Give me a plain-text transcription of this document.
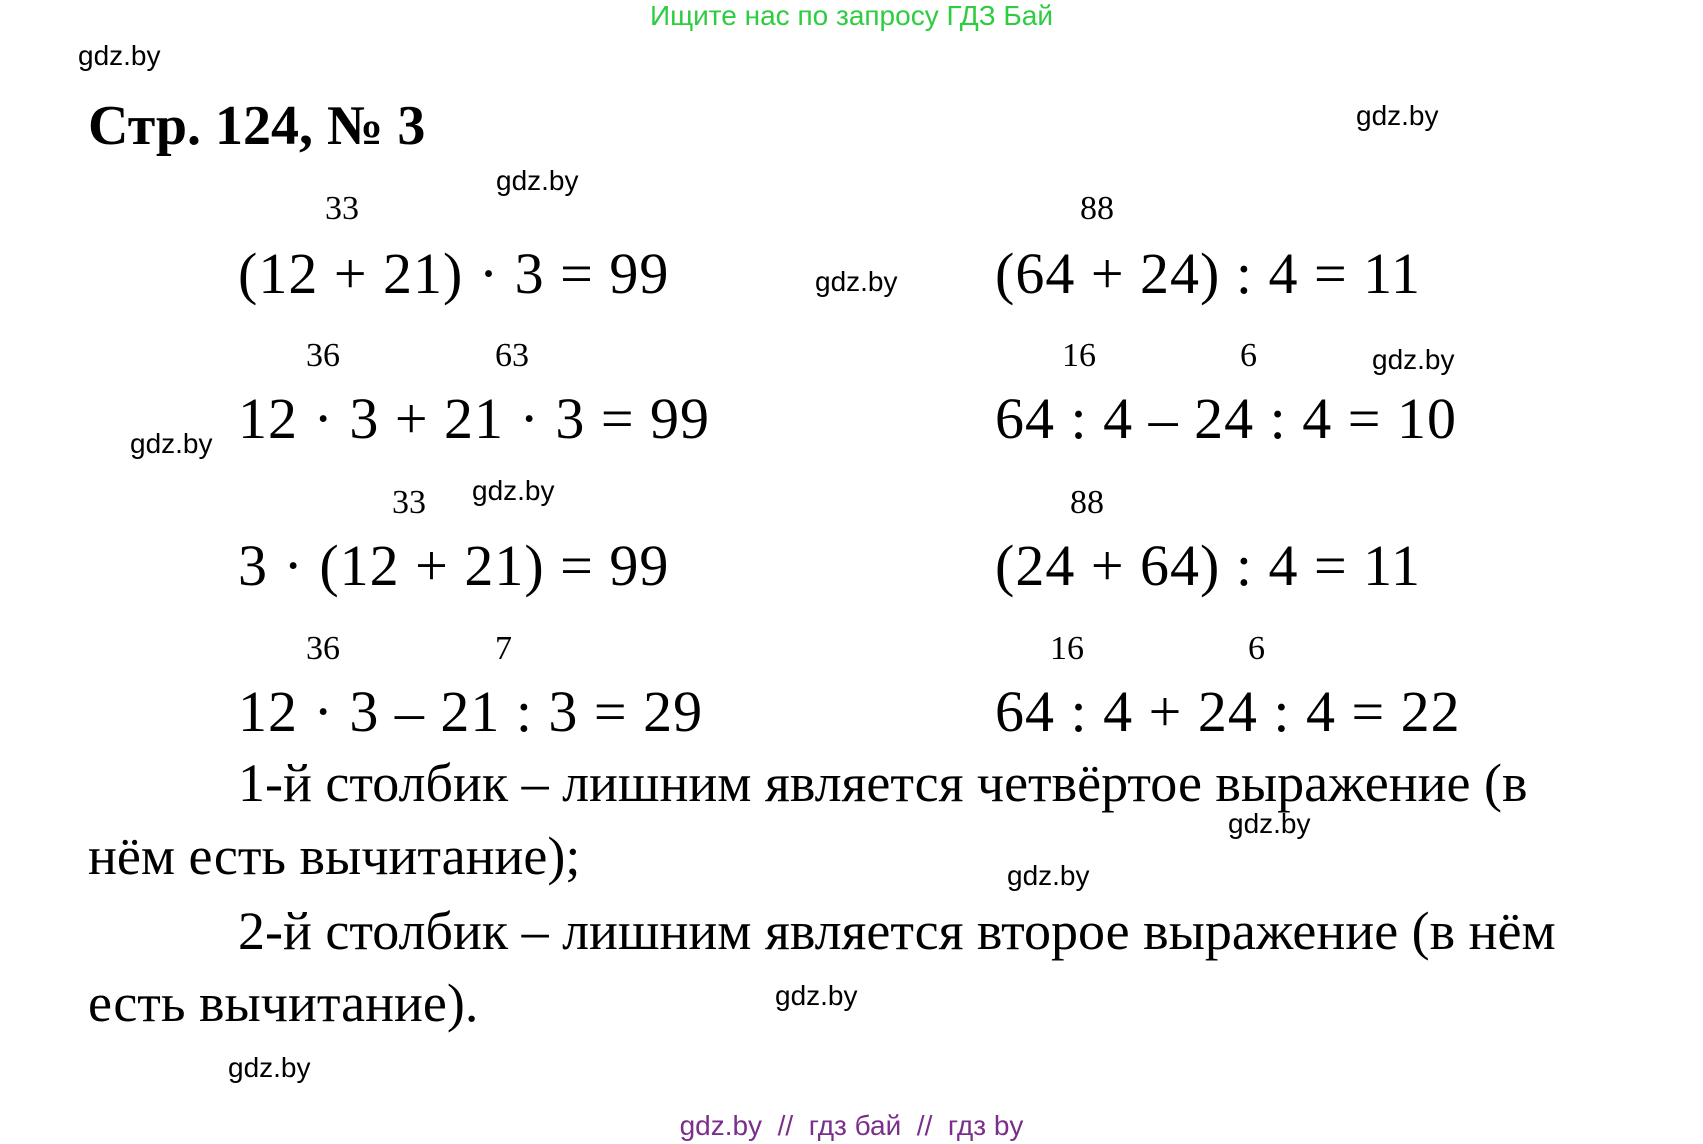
Ищите нас по запросу ГДЗ Бай
Стр. 124, № 3
gdz.by
gdz.by
gdz.by
gdz.by
gdz.by
gdz.by
gdz.by
gdz.by
gdz.by
gdz.by
gdz.by
33
36	63
33
36	7
(12 + 21) · 3 = 99
12 · 3 + 21 · 3 = 99
3 · (12 + 21) = 99
12 · 3 – 21 : 3 = 29
88
16	6
88
16	6
(64 + 24) : 4 = 11
64 : 4 – 24 : 4 = 10
(24 + 64) : 4 = 11
64 : 4 + 24 : 4 = 22
1-й столбик – лишним является четвёртое выражение (в
нём есть вычитание);
2-й столбик – лишним является второе выражение (в нём
есть вычитание).
gdz.by  //  гдз бай  //  гдз by
